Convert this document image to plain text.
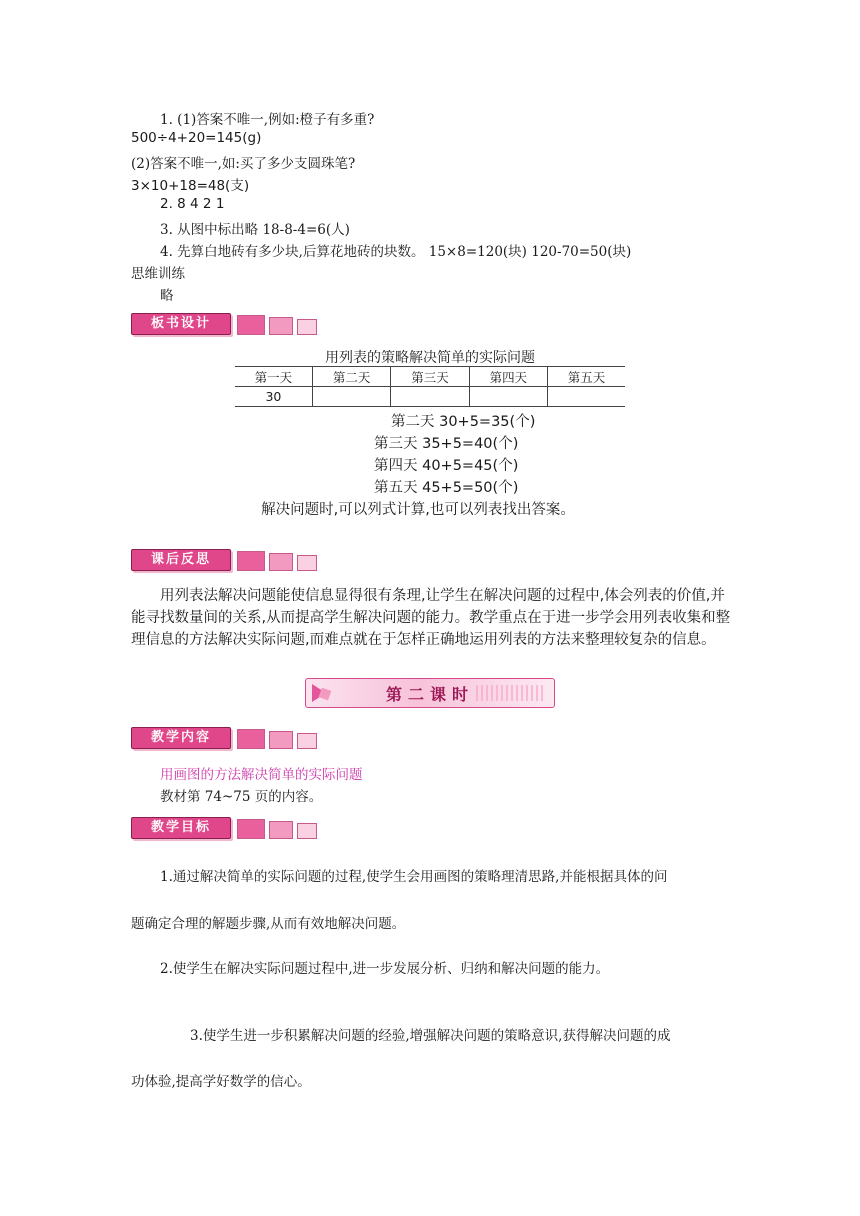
1. (1)答案不唯一,例如:橙子有多重?
500÷4+20=145(g)
(2)答案不唯一,如:买了多少支圆珠笔?
3×10+18=48(支)
2. 8 4 2 1
3. 从图中标出略 18-8-4=6(人)
4. 先算白地砖有多少块,后算花地砖的块数。 15×8=120(块) 120-70=50(块)
思维训练
略
板书设计
用列表的策略解决简单的实际问题
第一天	第二天	第三天	第四天	第五天
30				
第二天 30+5=35(个)
第三天 35+5=40(个)
第四天 40+5=45(个)
第五天 45+5=50(个)
解决问题时,可以列式计算,也可以列表找出答案。
课后反思
用列表法解决问题能使信息显得很有条理,让学生在解决问题的过程中,体会列表的价值,并能寻找数量间的关系,从而提高学生解决问题的能力。教学重点在于进一步学会用列表收集和整理信息的方法解决实际问题,而难点就在于怎样正确地运用列表的方法来整理较复杂的信息。
第二课时
教学内容
用画图的方法解决简单的实际问题
教材第 74~75 页的内容。
教学目标
1.通过解决简单的实际问题的过程,使学生会用画图的策略理清思路,并能根据具体的问
题确定合理的解题步骤,从而有效地解决问题。
2.使学生在解决实际问题过程中,进一步发展分析、归纳和解决问题的能力。
3.使学生进一步积累解决问题的经验,增强解决问题的策略意识,获得解决问题的成
功体验,提高学好数学的信心。
